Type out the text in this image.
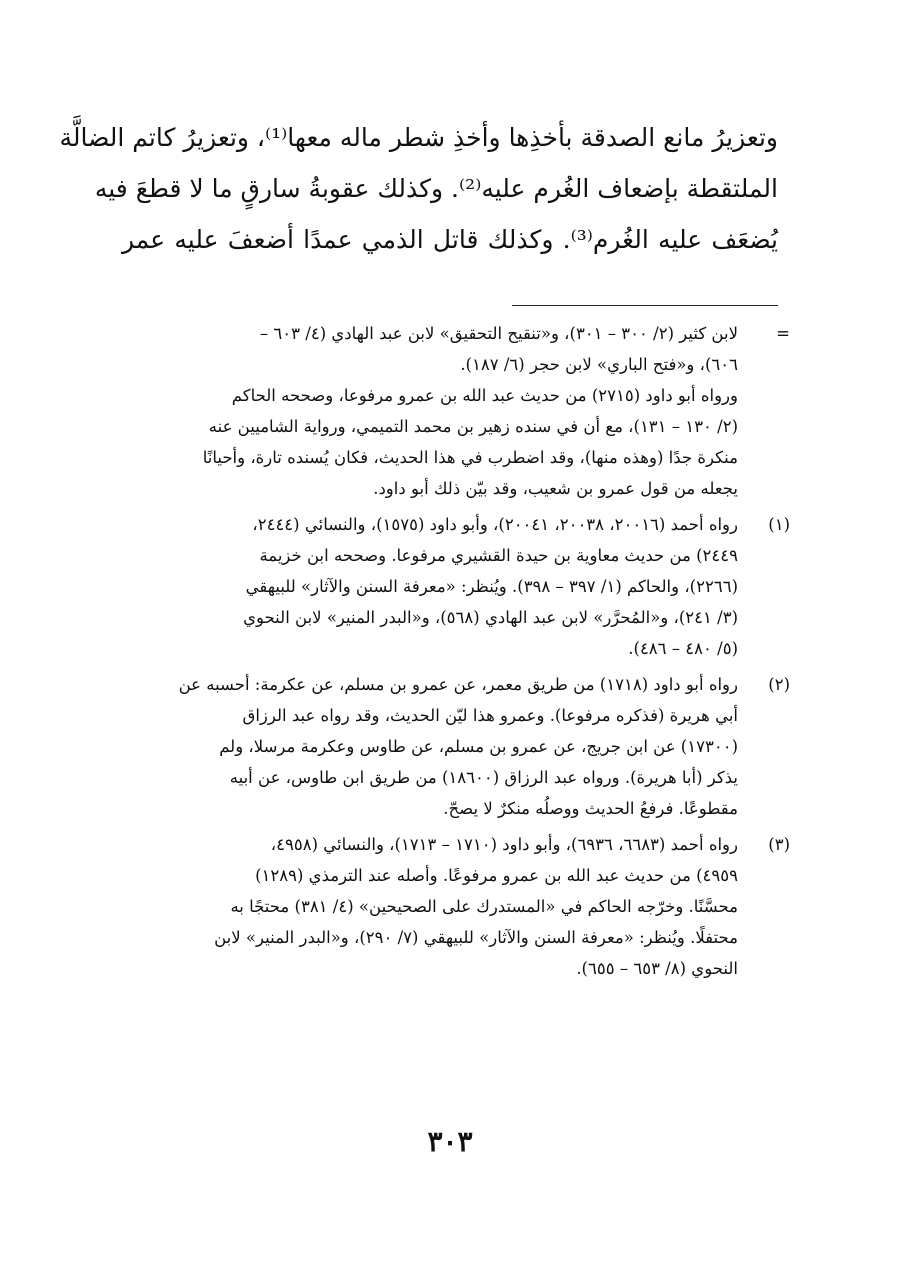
وتعزيرُ مانع الصدقة بأخذِها وأخذِ شطر ماله معها⁽¹⁾، وتعزيرُ كاتم الضالَّة
الملتقطة بإضعاف الغُرم عليه⁽²⁾. وكذلك عقوبةُ سارقٍ ما لا قطعَ فيه
يُضعَف عليه الغُرم⁽³⁾. وكذلك قاتل الذمي عمدًا أضعفَ عليه عمر
=
لابن كثير (٢/ ٣٠٠ – ٣٠١)، و«تنقيح التحقيق» لابن عبد الهادي (٤/ ٦٠٣ –
٦٠٦)، و«فتح الباري» لابن حجر (٦/ ١٨٧).
ورواه أبو داود (٢٧١٥) من حديث عبد الله بن عمرو مرفوعا، وصححه الحاكم
(٢/ ١٣٠ – ١٣١)، مع أن في سنده زهير بن محمد التميمي، ورواية الشاميين عنه
منكرة جدًا (وهذه منها)، وقد اضطرب في هذا الحديث، فكان يُسنده تارة، وأحيانًا
يجعله من قول عمرو بن شعيب، وقد بيّن ذلك أبو داود.
(١)
رواه أحمد (٢٠٠١٦، ٢٠٠٣٨، ٢٠٠٤١)، وأبو داود (١٥٧٥)، والنسائي (٢٤٤٤،
٢٤٤٩) من حديث معاوية بن حيدة القشيري مرفوعا. وصححه ابن خزيمة
(٢٢٦٦)، والحاكم (١/ ٣٩٧ – ٣٩٨). ويُنظر: «معرفة السنن والآثار» للبيهقي
(٣/ ٢٤١)، و«المُحرَّر» لابن عبد الهادي (٥٦٨)، و«البدر المنير» لابن النحوي
(٥/ ٤٨٠ – ٤٨٦).
(٢)
رواه أبو داود (١٧١٨) من طريق معمر، عن عمرو بن مسلم، عن عكرمة: أحسبه عن
أبي هريرة (فذكره مرفوعا). وعمرو هذا ليّن الحديث، وقد رواه عبد الرزاق
(١٧٣٠٠) عن ابن جريج، عن عمرو بن مسلم، عن طاوس وعكرمة مرسلا، ولم
يذكر (أبا هريرة). ورواه عبد الرزاق (١٨٦٠٠) من طريق ابن طاوس، عن أبيه
مقطوعًا. فرفعُ الحديث ووصلُه منكرٌ لا يصحّ.
(٣)
رواه أحمد (٦٦٨٣، ٦٩٣٦)، وأبو داود (١٧١٠ – ١٧١٣)، والنسائي (٤٩٥٨،
٤٩٥٩) من حديث عبد الله بن عمرو مرفوعًا. وأصله عند الترمذي (١٢٨٩)
محسَّنًا. وخرّجه الحاكم في «المستدرك على الصحيحين» (٤/ ٣٨١) محتجًا به
محتفلًا. ويُنظر: «معرفة السنن والآثار» للبيهقي (٧/ ٢٩٠)، و«البدر المنير» لابن
النحوي (٨/ ٦٥٣ – ٦٥٥).
٣٠٣
